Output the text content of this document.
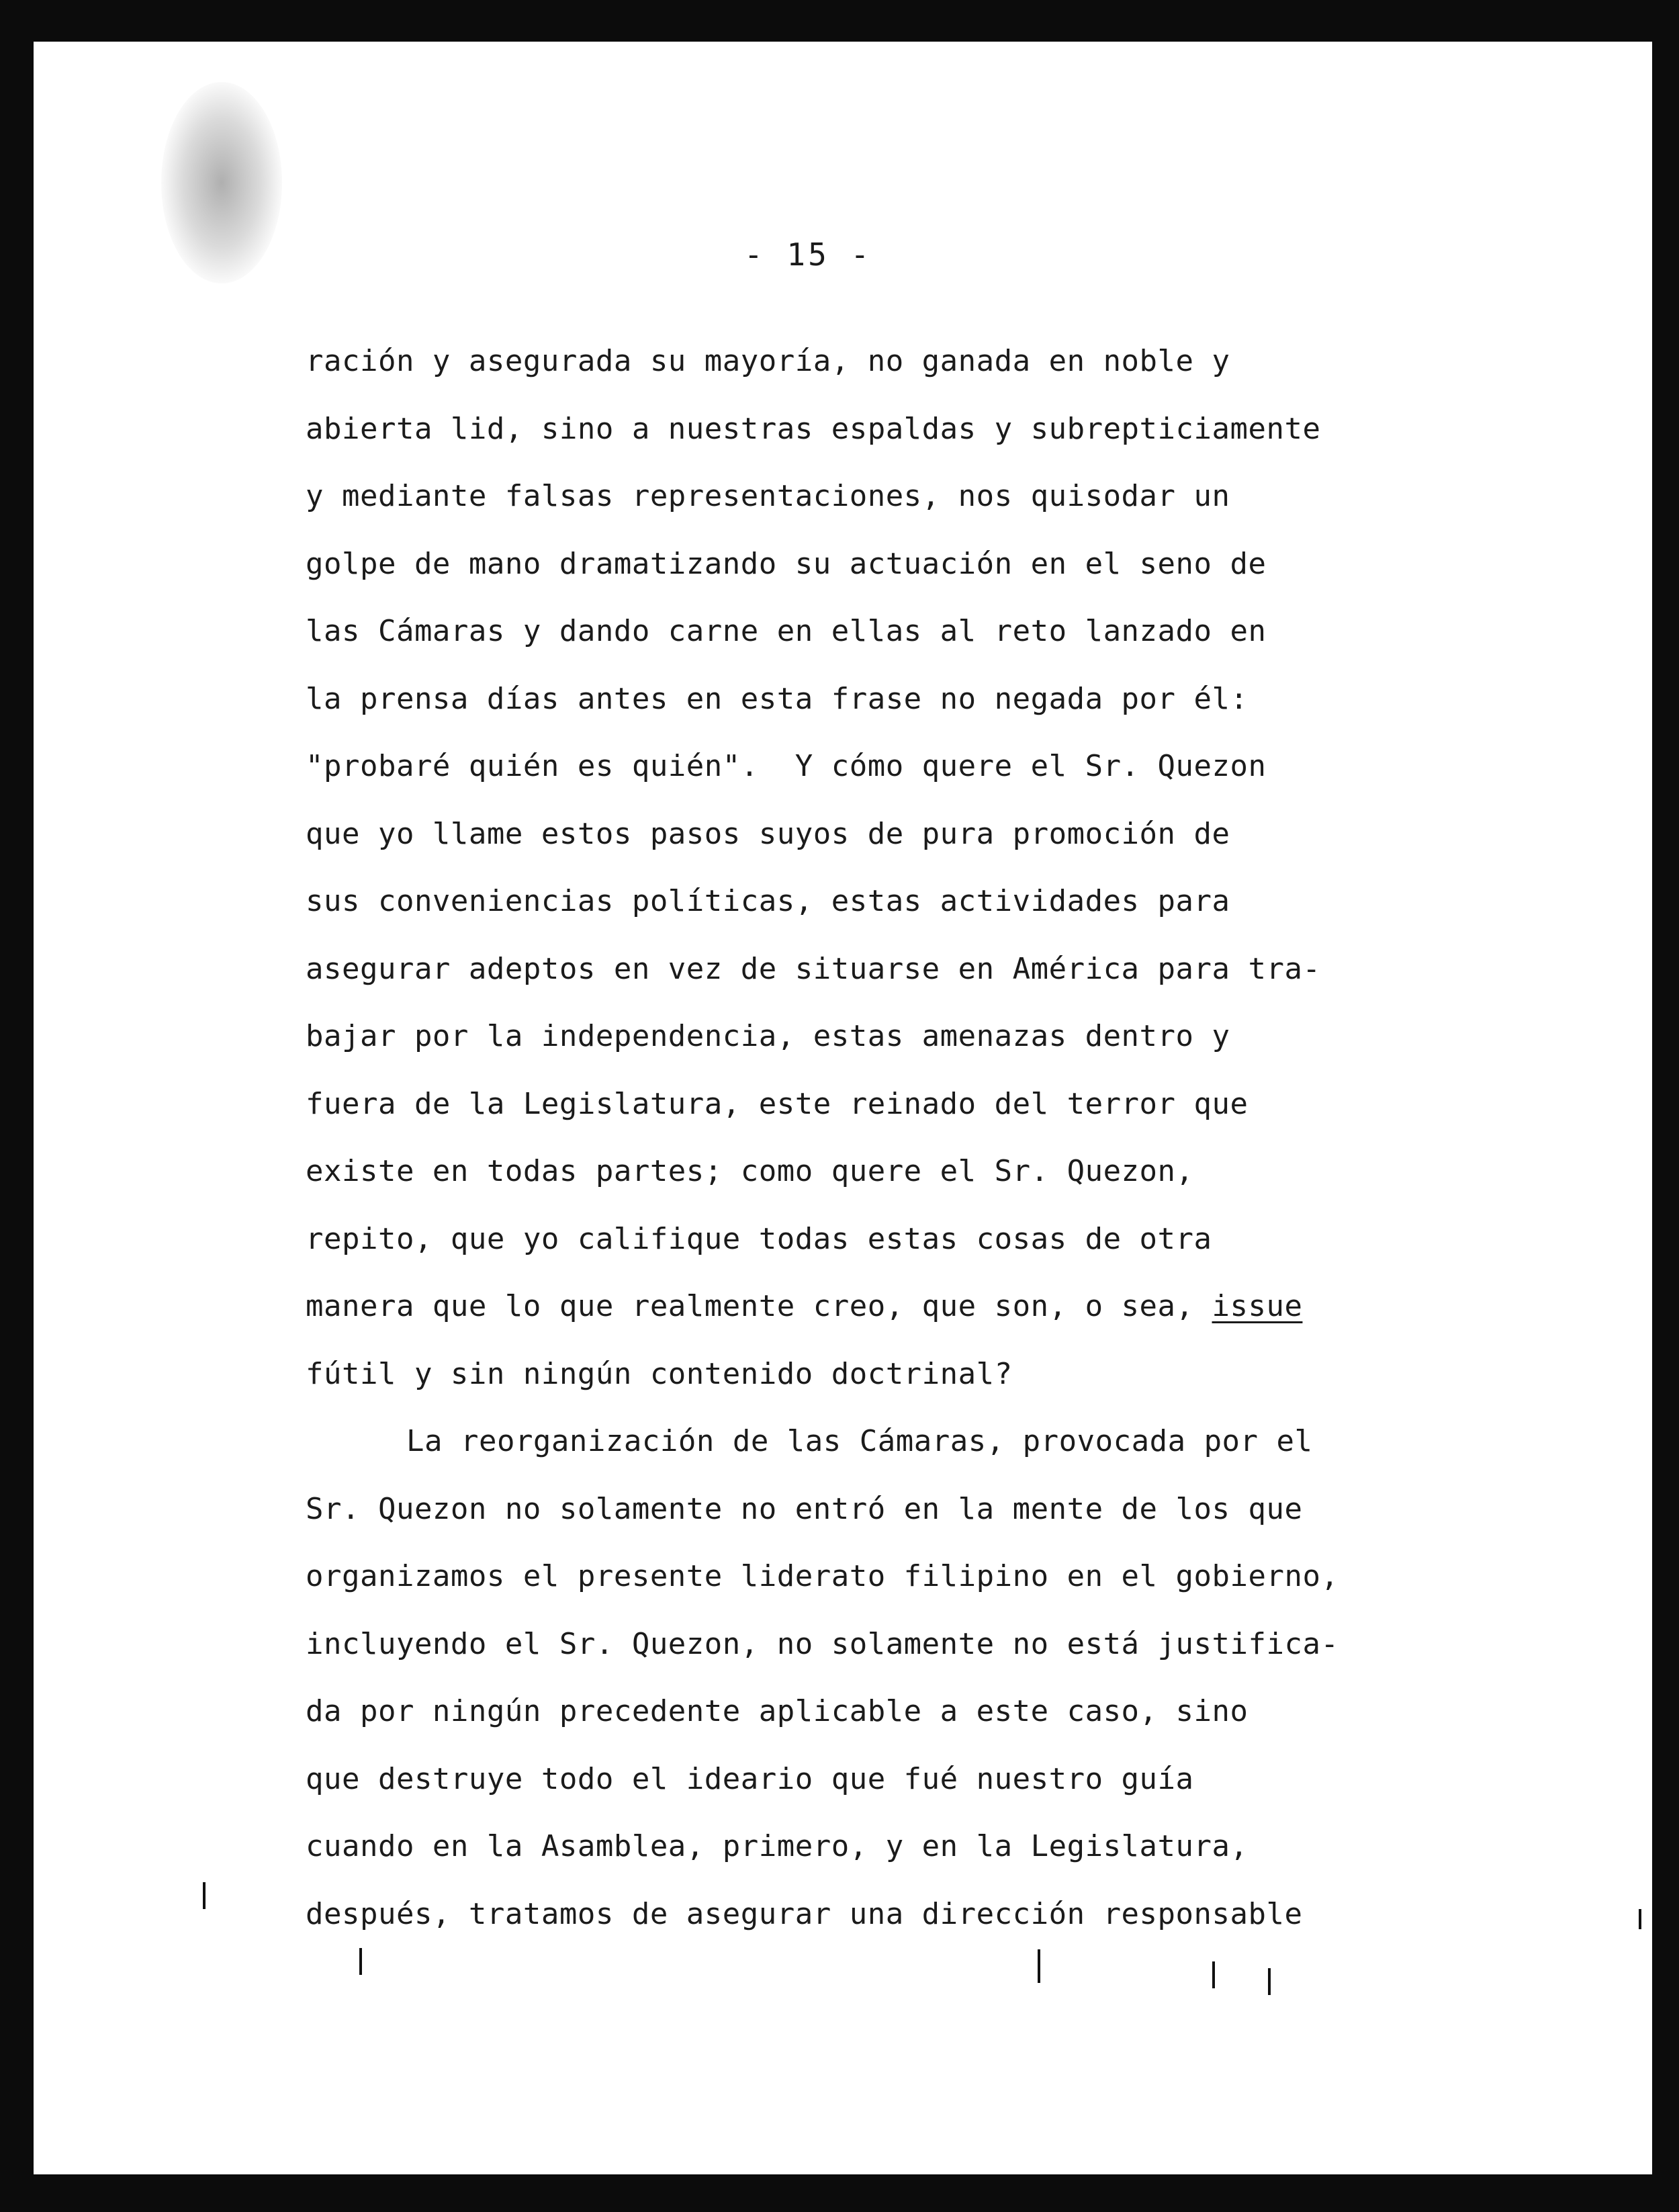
- 15 -
ración y asegurada su mayoría, no ganada en noble y
abierta lid, sino a nuestras espaldas y subrepticiamente
y mediante falsas representaciones, nos quisodar un
golpe de mano dramatizando su actuación en el seno de
las Cámaras y dando carne en ellas al reto lanzado en
la prensa días antes en esta frase no negada por él:
"probaré quién es quién".  Y cómo quere el Sr. Quezon
que yo llame estos pasos suyos de pura promoción de
sus conveniencias políticas, estas actividades para
asegurar adeptos en vez de situarse en América para tra-
bajar por la independencia, estas amenazas dentro y
fuera de la Legislatura, este reinado del terror que
existe en todas partes; como quere el Sr. Quezon,
repito, que yo califique todas estas cosas de otra
manera que lo que realmente creo, que son, o sea, issue
fútil y sin ningún contenido doctrinal?
La reorganización de las Cámaras, provocada por el
Sr. Quezon no solamente no entró en la mente de los que
organizamos el presente liderato filipino en el gobierno,
incluyendo el Sr. Quezon, no solamente no está justifica-
da por ningún precedente aplicable a este caso, sino
que destruye todo el ideario que fué nuestro guía
cuando en la Asamblea, primero, y en la Legislatura,
después, tratamos de asegurar una dirección responsable
